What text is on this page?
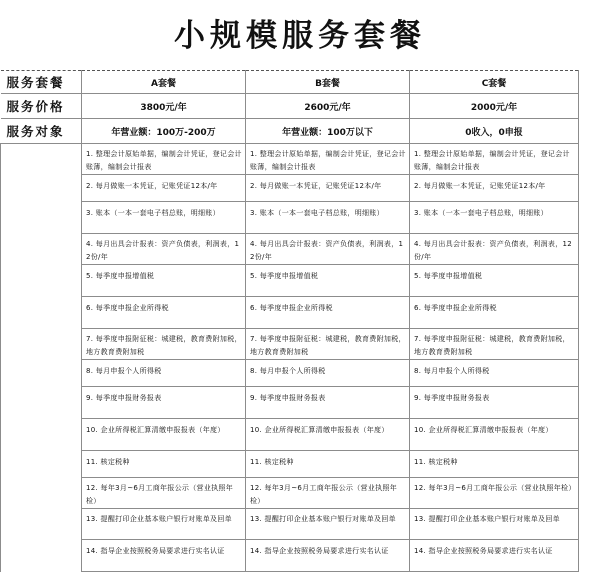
小规模服务套餐
服务套餐	A套餐	B套餐	C套餐
服务价格	3800元/年	2600元/年	2000元/年
服务对象	年营业额：100万-200万	年营业额：100万以下	0收入，0申报
	1. 整理会计原始单据，编制会计凭证，登记会计账薄，编制会计报表	1. 整理会计原始单据，编制会计凭证，登记会计账薄，编制会计报表	1. 整理会计原始单据，编制会计凭证，登记会计账薄，编制会计报表
	2. 每月做账一本凭证，记账凭证12本/年	2. 每月做账一本凭证，记账凭证12本/年	2. 每月做账一本凭证，记账凭证12本/年
	3. 账本（一本一套电子档总账，明细账）	3. 账本（一本一套电子档总账，明细账）	3. 账本（一本一套电子档总账，明细账）
	4. 每月出具会计报表：资产负债表，利润表，12份/年	4. 每月出具会计报表：资产负债表，利润表，12份/年	4. 每月出具会计报表：资产负债表，利润表，12份/年
	5. 每季度申报增值税	5. 每季度申报增值税	5. 每季度申报增值税
	6. 每季度申报企业所得税	6. 每季度申报企业所得税	6. 每季度申报企业所得税
	7. 每季度申报附征税：城建税，教育费附加税，地方教育费附加税	7. 每季度申报附征税：城建税，教育费附加税，地方教育费附加税	7. 每季度申报附征税：城建税，教育费附加税，地方教育费附加税
	8. 每月申报个人所得税	8. 每月申报个人所得税	8. 每月申报个人所得税
	9. 每季度申报财务报表	9. 每季度申报财务报表	9. 每季度申报财务报表
	10. 企业所得税汇算清缴申报报表（年度）	10. 企业所得税汇算清缴申报报表（年度）	10. 企业所得税汇算清缴申报报表（年度）
	11. 核定税种	11. 核定税种	11. 核定税种
	12. 每年3月~6月工商年报公示（营业执照年检）	12. 每年3月~6月工商年报公示（营业执照年检）	12. 每年3月~6月工商年报公示（营业执照年检）
	13. 提醒打印企业基本账户银行对账单及回单	13. 提醒打印企业基本账户银行对账单及回单	13. 提醒打印企业基本账户银行对账单及回单
	14. 指导企业按照税务局要求进行实名认证	14. 指导企业按照税务局要求进行实名认证	14. 指导企业按照税务局要求进行实名认证
